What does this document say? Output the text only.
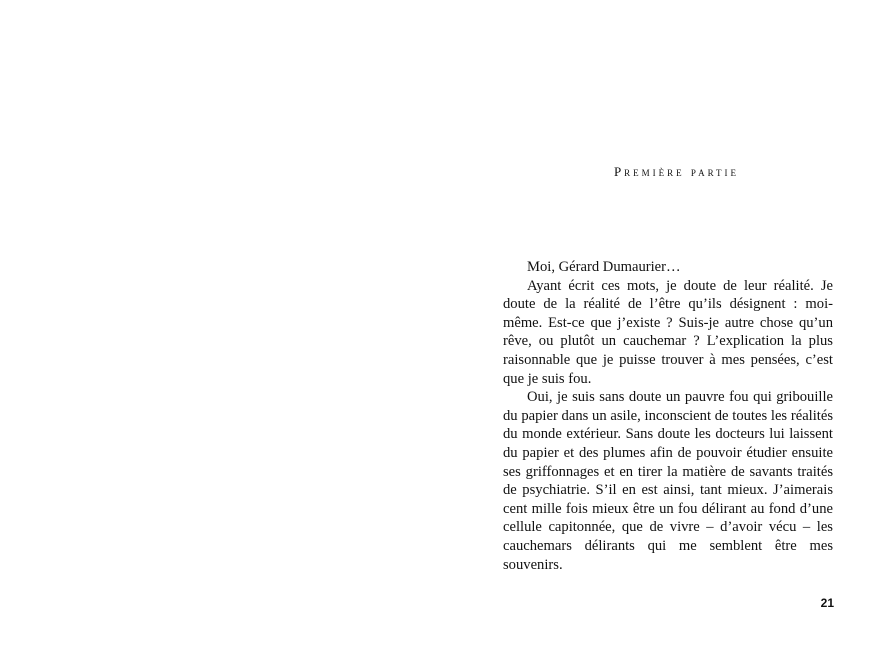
Première partie

Moi, Gérard Dumaurier…

Ayant écrit ces mots, je doute de leur réalité. Je doute de la réalité de l’être qu’ils désignent : moi-même. Est-ce que j’existe ? Suis-je autre chose qu’un rêve, ou plutôt un cauchemar ? L’explication la plus raisonnable que je puisse trouver à mes pensées, c’est que je suis fou.

Oui, je suis sans doute un pauvre fou qui gribouille du papier dans un asile, inconscient de toutes les réalités du monde extérieur. Sans doute les docteurs lui laissent du papier et des plumes afin de pouvoir étudier ensuite ses griffonnages et en tirer la matière de savants traités de psychiatrie. S’il en est ainsi, tant mieux. J’aimerais cent mille fois mieux être un fou délirant au fond d’une cellule capitonnée, que de vivre – d’avoir vécu – les cauchemars délirants qui me semblent être mes souvenirs.

21
